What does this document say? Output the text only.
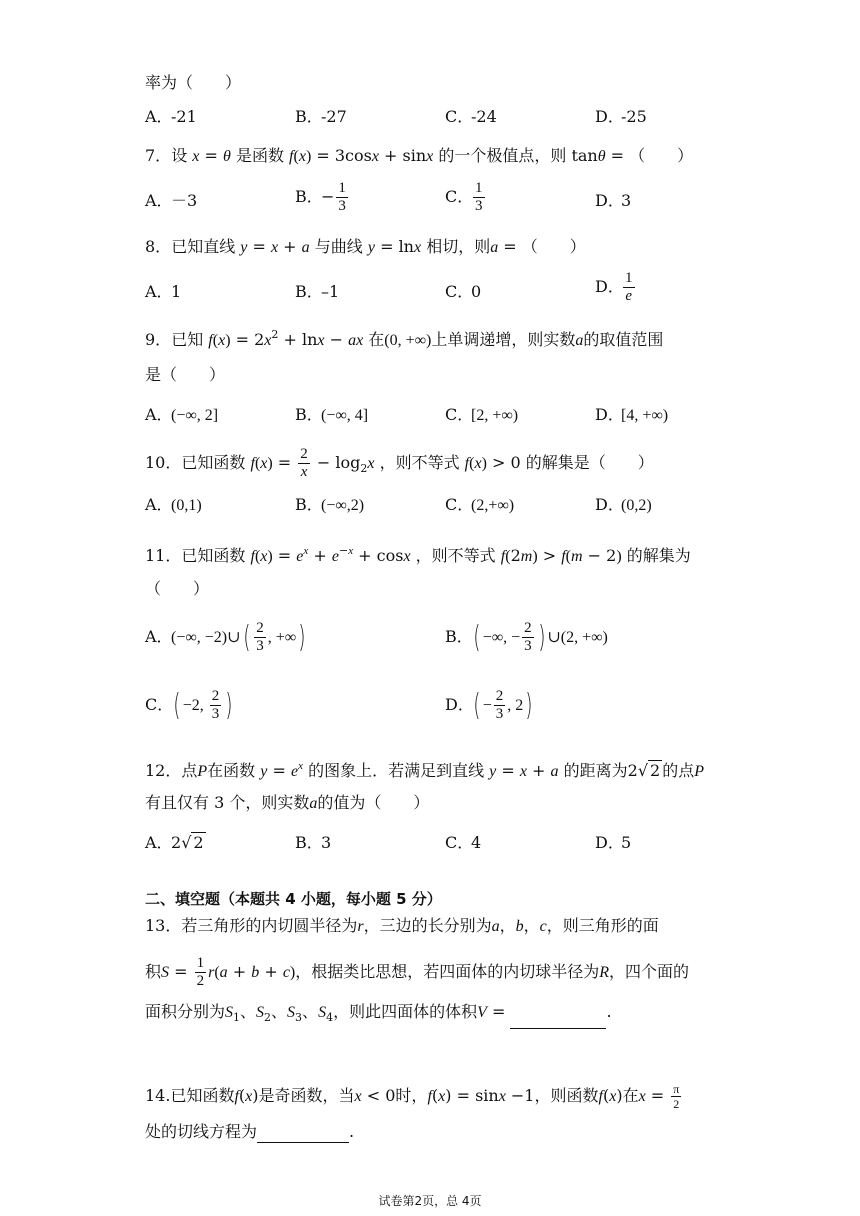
率为（　　）
A．-21	B．-27	C．-24	D．-25
7．设 x = θ 是函数 f(x) = 3cosx + sinx 的一个极值点，则 tanθ = （　　）
A．－3	B．− $\frac{1}{3}$	C． $\frac{1}{3}$	D．3
8．已知直线 y = x + a 与曲线 y = lnx 相切，则a = （　　）
A．1	B．–1	C．0	D． $\frac{1}{e}$
9．已知 $f(x) = 2x^2 + \ln x$ − ax 在(0, +∞)上单调递增，则实数a的取值范围
是（　　）
A．(−∞, 2]	B．(−∞, 4]	C．[2, +∞)	D．[4, +∞)
10．已知函数 $f(x) = \frac{2}{x} - \log_2x$ ，则不等式 f(x) > 0 的解集是（　　）
A．(0,1)	B．(−∞,2)	C．(2,+∞)	D．(0,2)
11．已知函数 $f(x) = e^x + e^{-x} + \cos x$ ，则不等式 f(2m) > f(m − 2) 的解集为
（　　）
A．(−∞, −2)∪( $\frac{2}{3}$ , +∞)	B．( −∞, − $\frac{2}{3}$ ) ∪(2, +∞)
C．( −2, $\frac{2}{3}$ )	D．( − $\frac{2}{3}$ , 2)
12．点P在函数 $y = e^x$ 的图象上．若满足到直线 y = x + a 的距离为2√ 2 的点P
有且仅有 3 个，则实数a的值为（　　）
A．2√ 2	B．3	C．4	D．5
二、填空题（本题共 4 小题，每小题 5 分）
13．若三角形的内切圆半径为r，三边的长分别为a，b，c，则三角形的面
积$S = \frac{1}{2} r(a + b + c)$，根据类比思想，若四面体的内切球半径为R，四个面的
面积分别为$S_1$、$S_2$、$S_3$、$S_4$，则此四面体的体积V =	.
14.已知函数f(x)是奇函数，当x < 0时，f(x) = sinx −1，则函数f(x)在$x = \frac{\pi}{2}$
处的切线方程为	.
试卷第2页，总 4页
